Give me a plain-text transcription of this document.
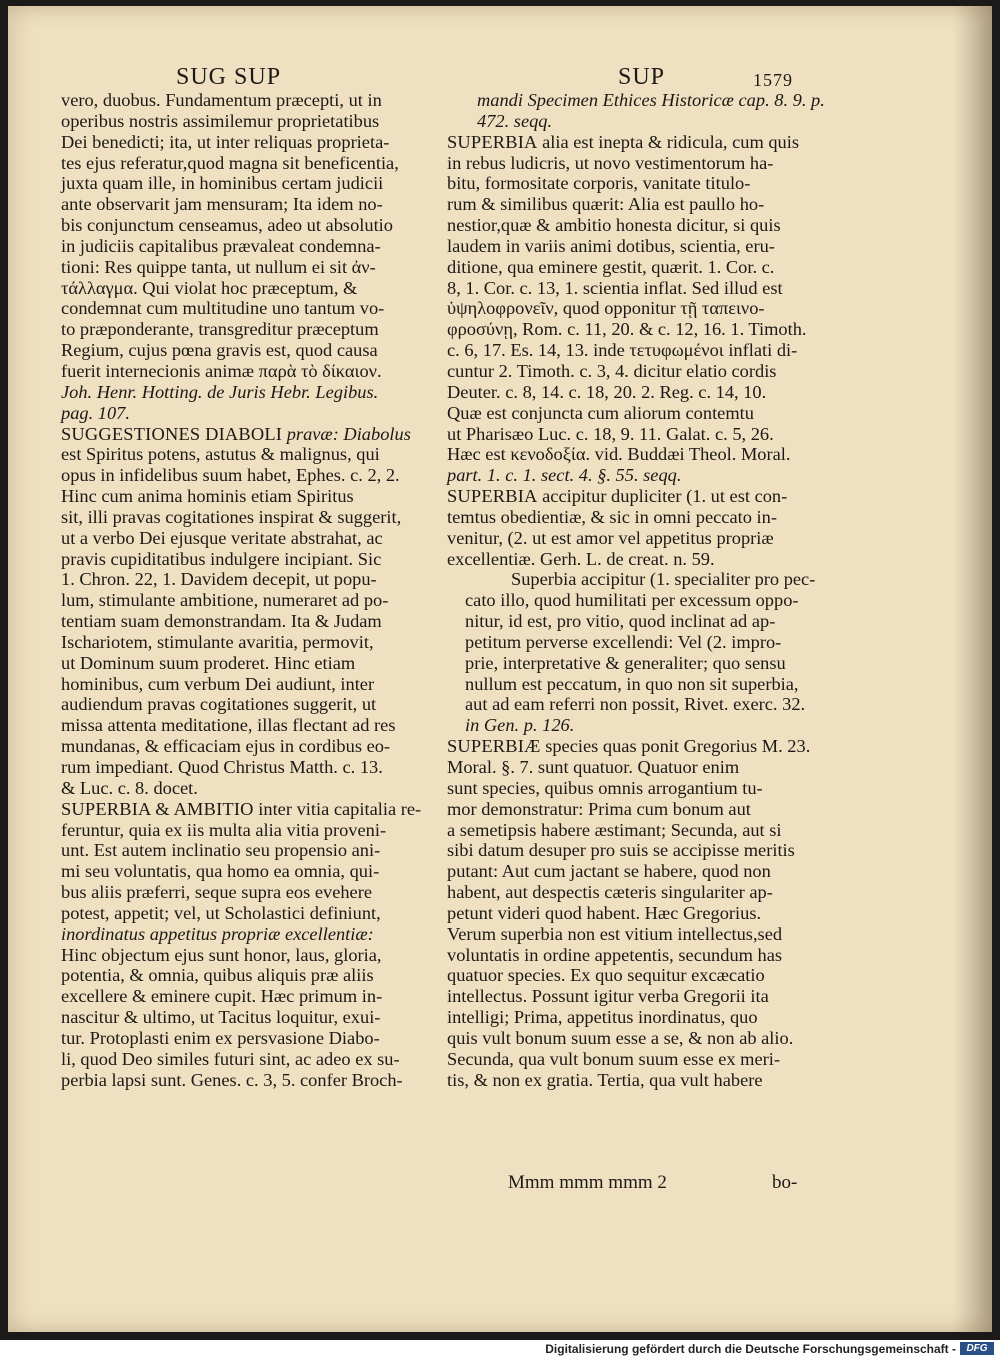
SUG SUP	SUP	1579

vero, duobus. Fundamentum præcepti, ut in
operibus nostris assimilemur proprietatibus
Dei benedicti; ita, ut inter reliquas proprieta-
tes ejus referatur,quod magna sit beneficentia,
juxta quam ille, in hominibus certam judicii
ante observarit jam mensuram; Ita idem no-
bis conjunctum censeamus, adeo ut absolutio
in judiciis capitalibus prævaleat condemna-
tioni: Res quippe tanta, ut nullum ei sit ἀν-
τάλλαγμα. Qui violat hoc præceptum, &
condemnat cum multitudine uno tantum vo-
to præponderante, transgreditur præceptum
Regium, cujus pœna gravis est, quod causa
fuerit internecionis animæ παρὰ τὸ δίκαιον.
Joh. Henr. Hotting. de Juris Hebr. Legibus.
pag. 107.

SUGGESTIONES DIABOLI pravæ: Diabolus
est Spiritus potens, astutus & malignus, qui
opus in infidelibus suum habet, Ephes. c. 2, 2.
Hinc cum anima hominis etiam Spiritus
sit, illi pravas cogitationes inspirat & suggerit,
ut a verbo Dei ejusque veritate abstrahat, ac
pravis cupiditatibus indulgere incipiant. Sic
1. Chron. 22, 1. Davidem decepit, ut popu-
lum, stimulante ambitione, numeraret ad po-
tentiam suam demonstrandam. Ita & Judam
Ischariotem, stimulante avaritia, permovit,
ut Dominum suum proderet. Hinc etiam
hominibus, cum verbum Dei audiunt, inter
audiendum pravas cogitationes suggerit, ut
missa attenta meditatione, illas flectant ad res
mundanas, & efficaciam ejus in cordibus eo-
rum impediant. Quod Christus Matth. c. 13.
& Luc. c. 8. docet.

SUPERBIA & AMBITIO inter vitia capitalia re-
feruntur, quia ex iis multa alia vitia proveni-
unt. Est autem inclinatio seu propensio ani-
mi seu voluntatis, qua homo ea omnia, qui-
bus aliis præferri, seque supra eos evehere
potest, appetit; vel, ut Scholastici definiunt,
inordinatus appetitus propriæ excellentiæ:
Hinc objectum ejus sunt honor, laus, gloria,
potentia, & omnia, quibus aliquis præ aliis
excellere & eminere cupit. Hæc primum in-
nascitur & ultimo, ut Tacitus loquitur, exui-
tur. Protoplasti enim ex persvasione Diabo-
li, quod Deo similes futuri sint, ac adeo ex su-
perbia lapsi sunt. Genes. c. 3, 5. confer Broch-

mandi Specimen Ethices Historicæ cap. 8. 9. p.
472. seqq.

SUPERBIA alia est inepta & ridicula, cum quis
in rebus ludicris, ut novo vestimentorum ha-
bitu, formositate corporis, vanitate titulo-
rum & similibus quærit: Alia est paullo ho-
nestior,quæ & ambitio honesta dicitur, si quis
laudem in variis animi dotibus, scientia, eru-
ditione, qua eminere gestit, quærit. 1. Cor. c.
8, 1. Cor. c. 13, 1. scientia inflat. Sed illud est
ὑψηλοφρονεῖν, quod opponitur τῇ ταπεινο-
φροσύνῃ, Rom. c. 11, 20. & c. 12, 16. 1. Timoth.
c. 6, 17. Es. 14, 13. inde τετυφωμένοι inflati di-
cuntur 2. Timoth. c. 3, 4. dicitur elatio cordis
Deuter. c. 8, 14. c. 18, 20. 2. Reg. c. 14, 10.
Quæ est conjuncta cum aliorum contemtu
ut Pharisæo Luc. c. 18, 9. 11. Galat. c. 5, 26.
Hæc est κενοδοξία. vid. Buddæi Theol. Moral.
part. 1. c. 1. sect. 4. §. 55. seqq.

SUPERBIA accipitur dupliciter (1. ut est con-
temtus obedientiæ, & sic in omni peccato in-
venitur, (2. ut est amor vel appetitus propriæ
excellentiæ. Gerh. L. de creat. n. 59.

Superbia accipitur (1. specialiter pro pec-
cato illo, quod humilitati per excessum oppo-
nitur, id est, pro vitio, quod inclinat ad ap-
petitum perverse excellendi: Vel (2. impro-
prie, interpretative & generaliter; quo sensu
nullum est peccatum, in quo non sit superbia,
aut ad eam referri non possit, Rivet. exerc. 32.
in Gen. p. 126.

SUPERBIÆ species quas ponit Gregorius M. 23.
Moral. §. 7. sunt quatuor. Quatuor enim
sunt species, quibus omnis arrogantium tu-
mor demonstratur: Prima cum bonum aut
a semetipsis habere æstimant; Secunda, aut si
sibi datum desuper pro suis se accipisse meritis
putant: Aut cum jactant se habere, quod non
habent, aut despectis cæteris singulariter ap-
petunt videri quod habent. Hæc Gregorius.
Verum superbia non est vitium intellectus,sed
voluntatis in ordine appetentis, secundum has
quatuor species. Ex quo sequitur excæcatio
intellectus. Possunt igitur verba Gregorii ita
intelligi; Prima, appetitus inordinatus, quo
quis vult bonum suum esse a se, & non ab alio.
Secunda, qua vult bonum suum esse ex meri-
tis, & non ex gratia. Tertia, qua vult habere

Mmm mmm mmm 2	bo-
Digitalisierung gefördert durch die Deutsche Forschungsgemeinschaft -	DFG
